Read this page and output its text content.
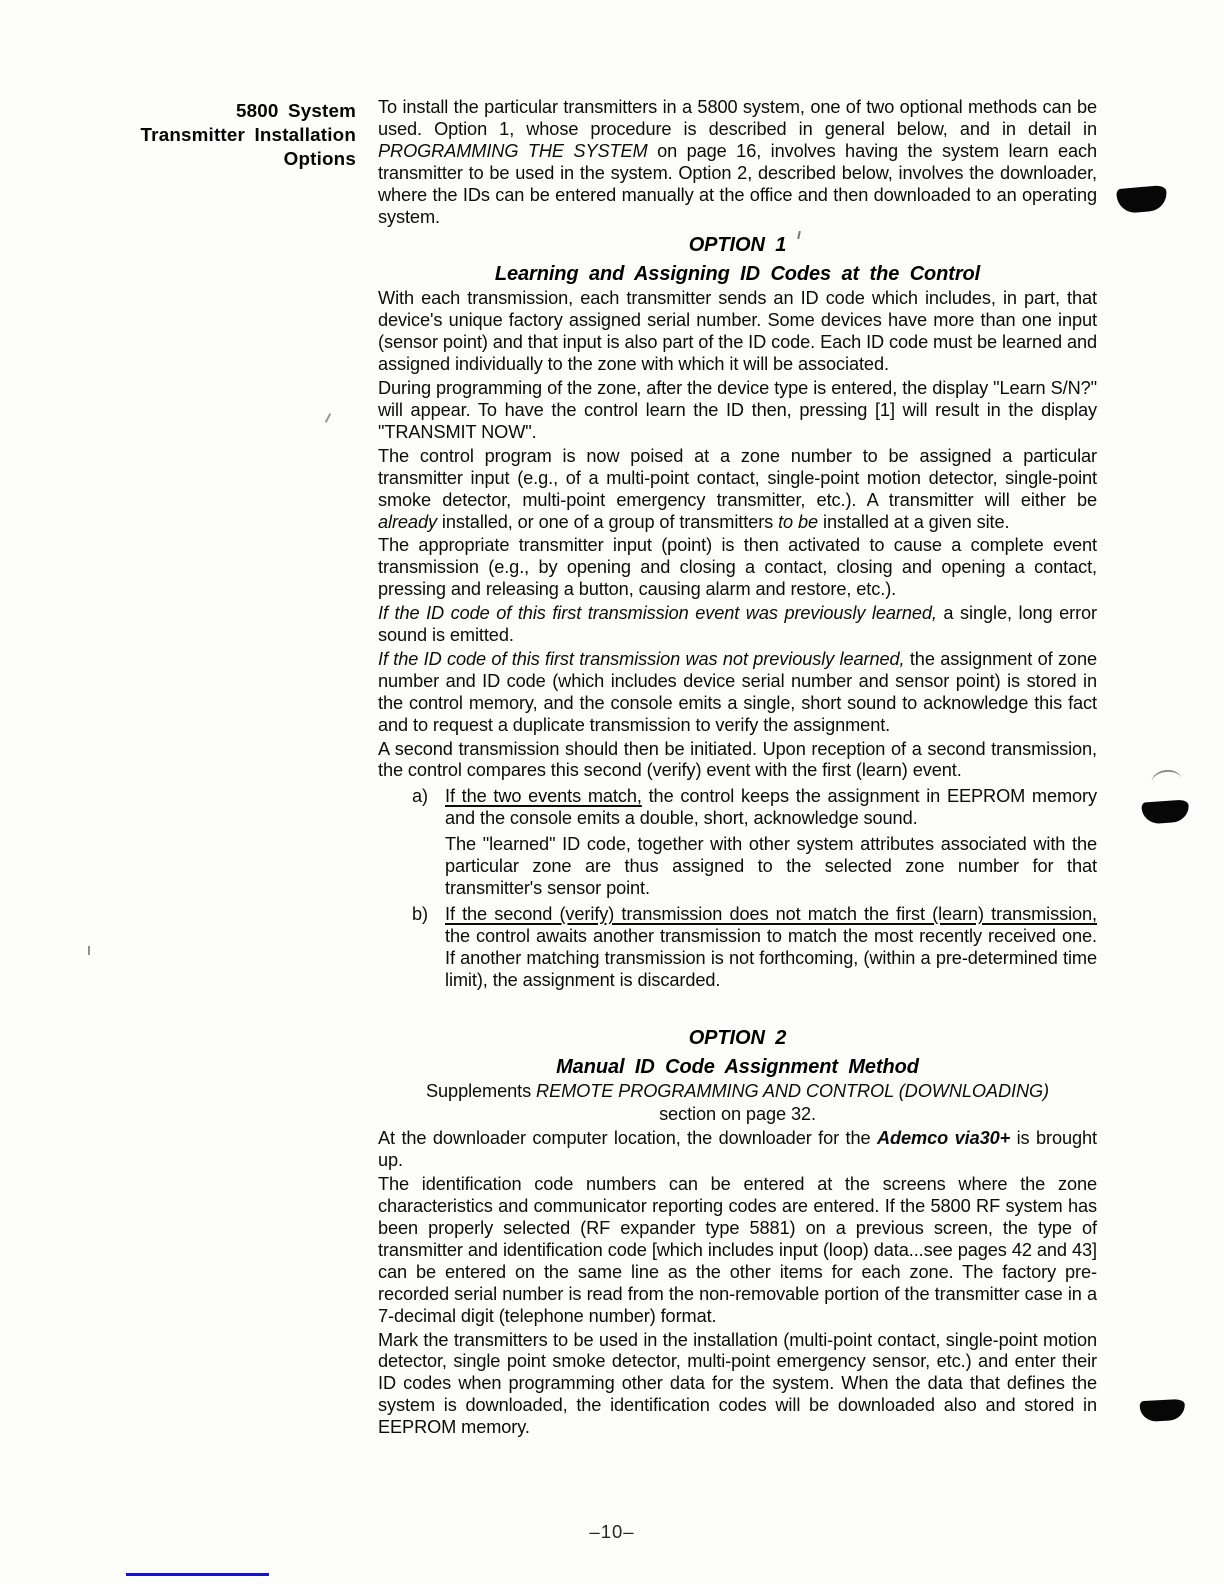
5800 System
Transmitter Installation
Options
To install the particular transmitters in a 5800 system, one of two optional methods can be used. Option 1, whose procedure is described in general below, and in detail in PROGRAMMING THE SYSTEM on page 16, involves having the system learn each transmitter to be used in the system. Option 2, described below, involves the downloader, where the IDs can be entered manually at the office and then downloaded to an operating system.
OPTION 1
Learning and Assigning ID Codes at the Control
With each transmission, each transmitter sends an ID code which includes, in part, that device's unique factory assigned serial number. Some devices have more than one input (sensor point) and that input is also part of the ID code. Each ID code must be learned and assigned individually to the zone with which it will be associated.
During programming of the zone, after the device type is entered, the display "Learn S/N?" will appear. To have the control learn the ID then, pressing [1] will result in the display "TRANSMIT NOW".
The control program is now poised at a zone number to be assigned a particular transmitter input (e.g., of a multi-point contact, single-point motion detector, single-point smoke detector, multi-point emergency transmitter, etc.). A transmitter will either be already installed, or one of a group of transmitters to be installed at a given site.
The appropriate transmitter input (point) is then activated to cause a complete event transmission (e.g., by opening and closing a contact, closing and opening a contact, pressing and releasing a button, causing alarm and restore, etc.).
If the ID code of this first transmission event was previously learned, a single, long error sound is emitted.
If the ID code of this first transmission was not previously learned, the assignment of zone number and ID code (which includes device serial number and sensor point) is stored in the control memory, and the console emits a single, short sound to acknowledge this fact and to request a duplicate transmission to verify the assignment.
A second transmission should then be initiated. Upon reception of a second transmission, the control compares this second (verify) event with the first (learn) event.
a) If the two events match, the control keeps the assignment in EEPROM memory and the console emits a double, short, acknowledge sound.
The "learned" ID code, together with other system attributes associated with the particular zone are thus assigned to the selected zone number for that transmitter's sensor point.
b) If the second (verify) transmission does not match the first (learn) transmission, the control awaits another transmission to match the most recently received one. If another matching transmission is not forthcoming, (within a pre-determined time limit), the assignment is discarded.
OPTION 2
Manual ID Code Assignment Method
Supplements REMOTE PROGRAMMING AND CONTROL (DOWNLOADING)
section on page 32.
At the downloader computer location, the downloader for the Ademco via30+ is brought up.
The identification code numbers can be entered at the screens where the zone characteristics and communicator reporting codes are entered. If the 5800 RF system has been properly selected (RF expander type 5881) on a previous screen, the type of transmitter and identification code [which includes input (loop) data...see pages 42 and 43] can be entered on the same line as the other items for each zone. The factory pre-recorded serial number is read from the non-removable portion of the transmitter case in a 7-decimal digit (telephone number) format.
Mark the transmitters to be used in the installation (multi-point contact, single-point motion detector, single point smoke detector, multi-point emergency sensor, etc.) and enter their ID codes when programming other data for the system. When the data that defines the system is downloaded, the identification codes will be downloaded also and stored in EEPROM memory.
–10–
